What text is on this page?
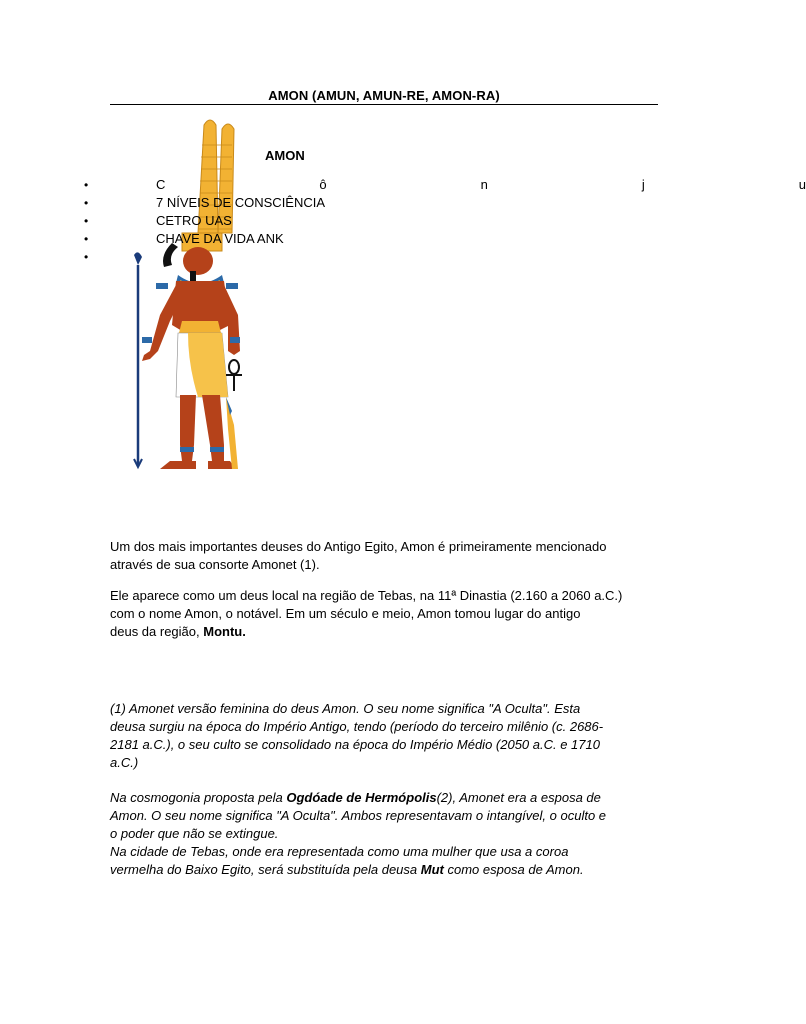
AMON (AMUN, AMUN-RE, AMON-RA)
AMON
•	C	ô	n	j	u
•	7 NÍVEIS DE CONSCIÊNCIA
•	CETRO UAS
•	CHAVE DA VIDA ANK
•

Um dos mais importantes deuses do Antigo Egito, Amon é primeiramente mencionado
através de sua consorte Amonet (1).

Ele aparece como um deus local na região de Tebas, na 11ª Dinastia (2.160 a 2060 a.C.)
com o nome Amon, o notável. Em um século e meio, Amon tomou lugar do antigo
deus da região, Montu.

(1) Amonet versão feminina do deus Amon. O seu nome significa "A Oculta". Esta
deusa surgiu na época do Império Antigo, tendo (período do terceiro milênio (c. 2686-
2181 a.C.), o seu culto se consolidado na época do Império Médio (2050 a.C. e 1710
a.C.)

Na cosmogonia proposta pela Ogdóade de Hermópolis(2), Amonet era a esposa de
Amon. O seu nome significa "A Oculta". Ambos representavam o intangível, o oculto e
o poder que não se extingue.
Na cidade de Tebas, onde era representada como uma mulher que usa a coroa
vermelha do Baixo Egito, será substituída pela deusa Mut como esposa de Amon.
